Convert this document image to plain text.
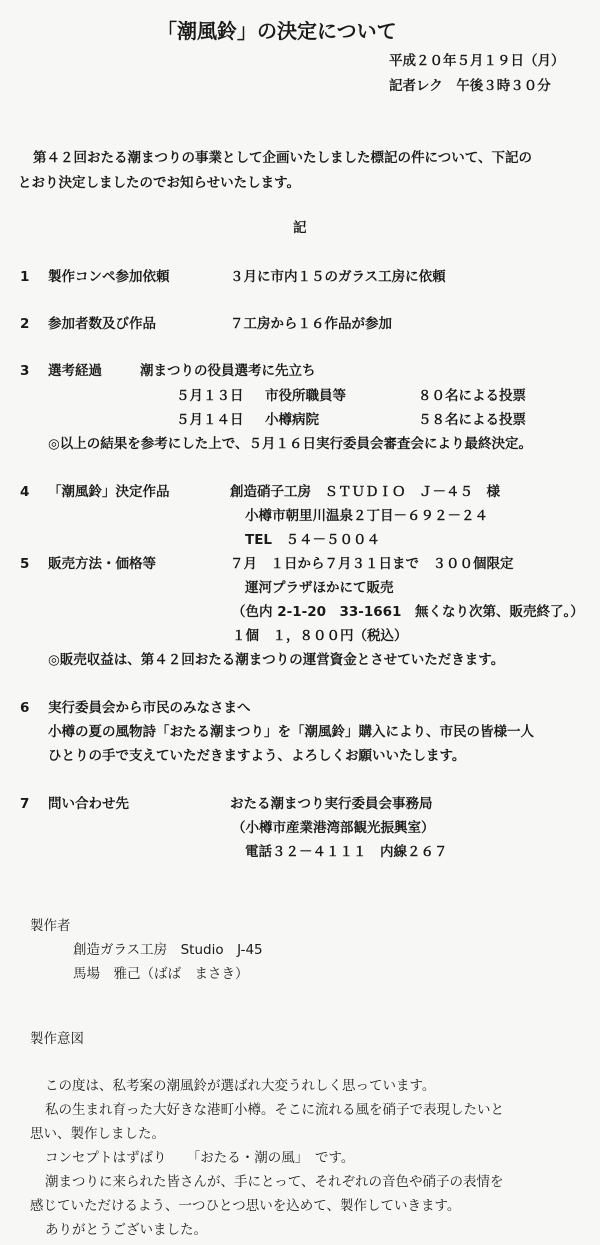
「潮風鈴」の決定について
平成２０年５月１９日（月）
記者レク　午後３時３０分
第４２回おたる潮まつりの事業として企画いたしました標記の件について、下記の
とおり決定しましたのでお知らせいたします。
記
1 製作コンペ参加依頼	３月に市内１５のガラス工房に依頼
2 参加者数及び作品	７工房から１６作品が参加
3 選考経過	潮まつりの役員選考に先立ち
５月１３日 市役所職員等	８０名による投票
５月１４日 小樽病院	５８名による投票
◎以上の結果を参考にした上で、５月１６日実行委員会審査会により最終決定。
4 「潮風鈴」決定作品	創造硝子工房　ＳＴＵＤＩＯ　Ｊ－４５　様
小樽市朝里川温泉２丁目－６９２－２４
TEL　５４－５００４
5 販売方法・価格等	７月　１日から７月３１日まで　３００個限定
運河プラザほかにて販売
（色内 2-1-20　33-1661　無くなり次第、販売終了。）
１個　１，８００円（税込）
◎販売収益は、第４２回おたる潮まつりの運営資金とさせていただきます。
6 実行委員会から市民のみなさまへ
小樽の夏の風物詩「おたる潮まつり」を「潮風鈴」購入により、市民の皆様一人
ひとりの手で支えていただきますよう、よろしくお願いいたします。
7 問い合わせ先	おたる潮まつり実行委員会事務局
（小樽市産業港湾部観光振興室）
電話３２－４１１１　内線２６７
製作者
創造ガラス工房　Studio　J-45
馬場　雅己（ばば　まさき）
製作意図
この度は、私考案の潮風鈴が選ばれ大変うれしく思っています。
私の生まれ育った大好きな港町小樽。そこに流れる風を硝子で表現したいと
思い、製作しました。
コンセプトはずばり　　「おたる・潮の風」　です。
潮まつりに来られた皆さんが、手にとって、それぞれの音色や硝子の表情を
感じていただけるよう、一つひとつ思いを込めて、製作していきます。
ありがとうございました。
